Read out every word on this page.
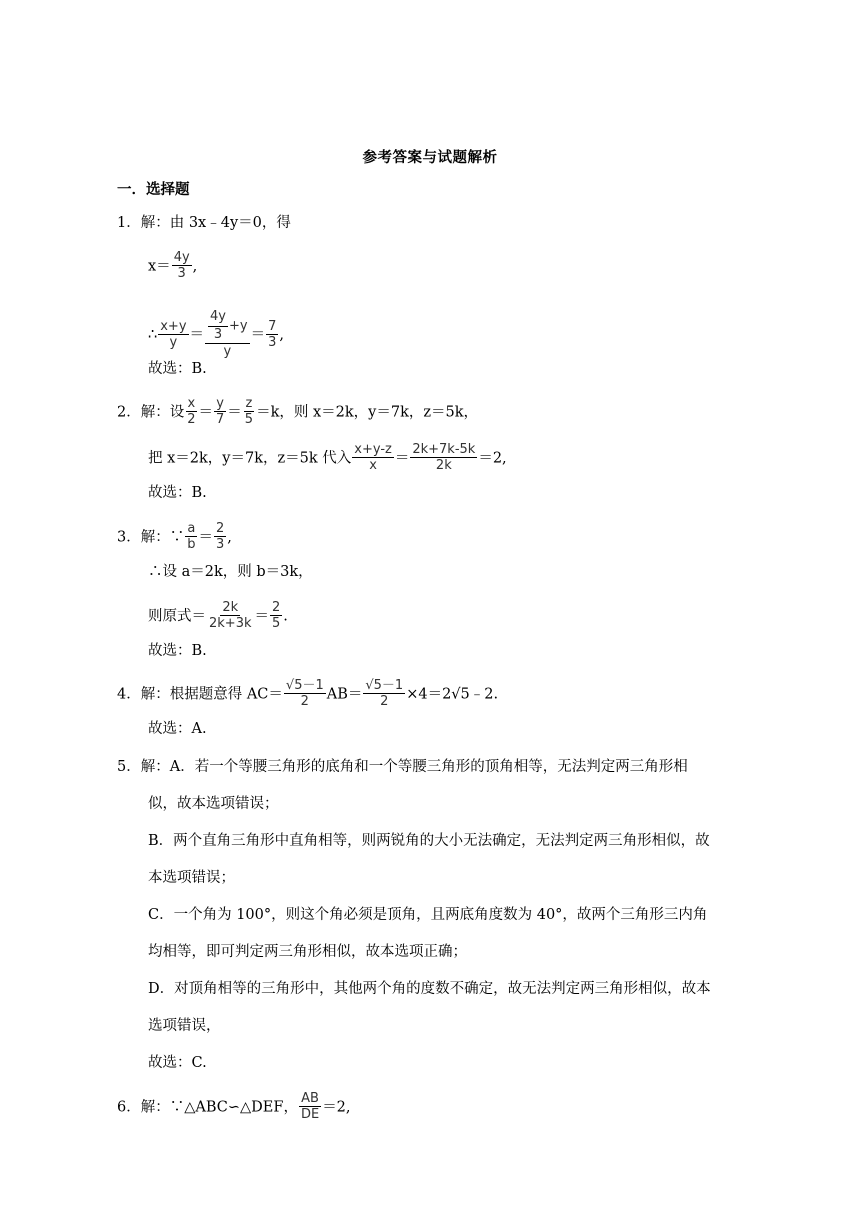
参考答案与试题解析
一．选择题
1．解：由 3x﹣4y＝0，得
$x= \frac{4y}{3}$ ,
∴ $\frac{x+y}{y} = \frac{\frac{4y}{3} +y}{y} = \frac{7}{3}$ ,
故选：B.
2．解：设 $\frac{x}{2} = \frac{y}{7} = \frac{z}{5} =k$，则 x＝2k，y＝7k，z＝5k，
把 x＝2k，y＝7k，z＝5k 代入 $\frac{x+y-z}{x} = \frac{2k+7k-5k}{2k} =2$,
故选：B.
3．解：∵ $\frac{a}{b} = \frac{2}{3}$ ,
∴设 a＝2k，则 b＝3k，
则原式＝ $\frac{2k}{2k+3k} = \frac{2}{5}$ .
故选：B.
4．解：根据题意得 $AC= \frac{√5-1}{2} AB= \frac{√5-1}{2}$ ×4＝2√5﹣2.
故选：A.
5．解：A．若一个等腰三角形的底角和一个等腰三角形的顶角相等，无法判定两三角形相
似，故本选项错误；
B．两个直角三角形中直角相等，则两锐角的大小无法确定，无法判定两三角形相似，故
本选项错误；
C．一个角为 100°，则这个角必须是顶角，且两底角度数为 40°，故两个三角形三内角
均相等，即可判定两三角形相似，故本选项正确；
D．对顶角相等的三角形中，其他两个角的度数不确定，故无法判定两三角形相似，故本
选项错误，
故选：C.
6．解：∵△ABC∽△DEF， $\frac{AB}{DE} =2$,
